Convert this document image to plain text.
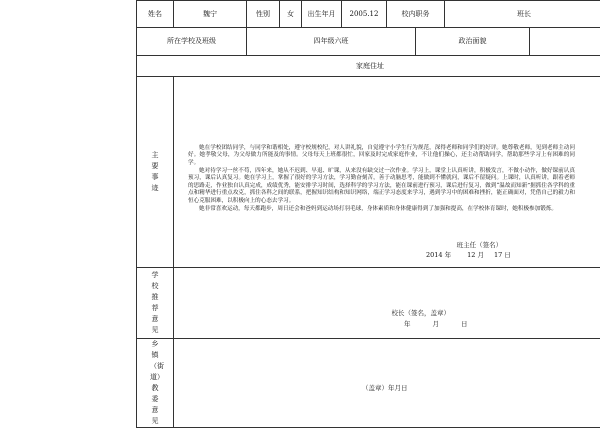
姓名	魏宁	性别	女	出生年月	2005.12	校内职务		班长	
所在学校及班级		四年级六班					政治面貌		
家庭住址									
主要事迹	她在学校团结同学，与同学和谐相处，遵守校规校纪，对人讲礼貌，自觉遵守小学生行为规范，深得老师和同学们的好评。她尊敬老师，见到老师主动问好。她孝敬父母，为父母做力所能及的事情。父母每天上班都很忙，回家及时完成家庭作业，不让他们操心，还主动帮助同学，帮助那些学习上有困难的同学。

她对待学习一丝不苟，四年来，她从不迟到、早退、旷课，从来没有缺交过一次作业。学习上，课堂上认真听讲，积极发言，不做小动作，做好课前认真预习，课后认真复习。她在学习上，掌握了很好的学习方法，学习勤奋刻苦，善于动脑思考，能做到不懂就问，课后不留疑问。上课时，认真听讲，跟着老师的思路走，作业独自认真完成，成绩优秀，能安排学习时间，选择科学的学习方法，能在课前进行预习，课后进行复习，做到“温故而知新”据抓住各学科的重点和精华进行重点攻克，抓住各科之间的联系，把握知识结构和知识网络，端正学习态度来学习，遇到学习中的困难和挫折，能正确面对，凭借自己的毅力和恒心克服困难，以积极向上的心态去学习。

她非常喜欢运动，每天都跑步，周日还会和爸妈到运动场打羽毛球，身体素质和身体健康得到了加强和提高，在学校体育课时，她积极参加锻炼。

班主任（签名）
2014 年 12 月 17 日								

学校推荐意见	校长（签名，盖章）
年 月 日								

乡镇（街道）教委意见	（盖章）年月日								
